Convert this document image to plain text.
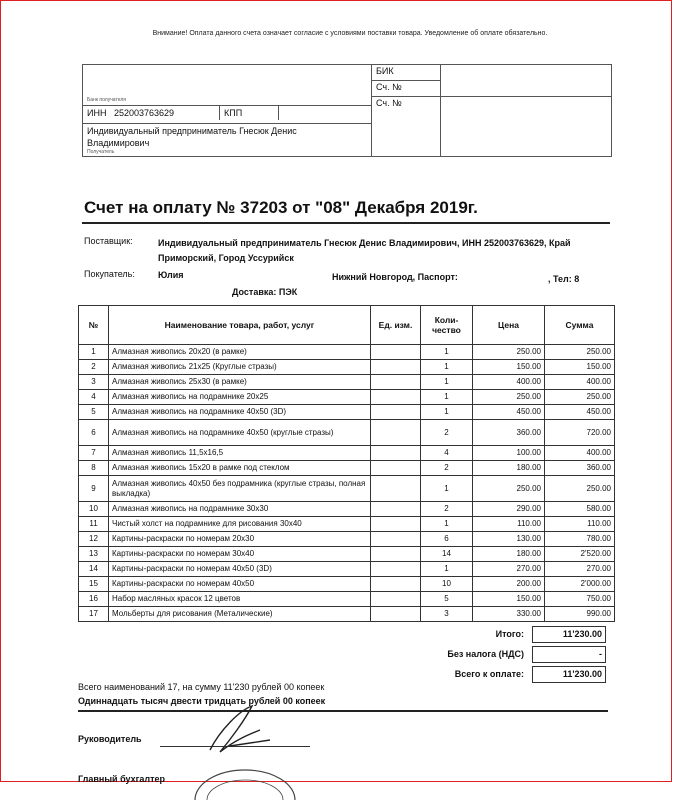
Внимание! Оплата данного счета означает согласие с условиями поставки товара. Уведомление об оплате обязательно.
	БИК	
	Сч. №	

Банк получателя	Сч. №	

ИНН 252003763629 КПП		

Индивидуальный предприниматель Гнесюк Денис Владимирович
Получатель		
Счет на оплату № 37203 от "08" Декабря 2019г.
Поставщик:	Индивидуальный предприниматель Гнесюк Денис Владимирович, ИНН 252003763629, Край Приморский, Город Уссурийск
Покупатель:	Юлия	Нижний Новгород, Паспорт:	, Тел: 8
Доставка: ПЭК
№	Наименование товара, работ, услуг	Ед. изм.	Коли-чество	Цена	Сумма
1	Алмазная живопись 20х20 (в рамке)		1	250.00	250.00
2	Алмазная живопись 21х25 (Круглые стразы)		1	150.00	150.00
3	Алмазная живопись 25х30 (в рамке)		1	400.00	400.00
4	Алмазная живопись на подрамнике 20х25		1	250.00	250.00
5	Алмазная живопись на подрамнике 40х50 (3D)		1	450.00	450.00
6	Алмазная живопись на подрамнике 40х50 (круглые стразы)		2	360.00	720.00
7	Алмазная живопись 11,5х16,5		4	100.00	400.00
8	Алмазная живопись 15х20 в рамке под стеклом		2	180.00	360.00
9	Алмазная живопись 40х50 без подрамника (круглые стразы, полная выкладка)		1	250.00	250.00
10	Алмазная живопись на подрамнике 30х30		2	290.00	580.00
11	Чистый холст на подрамнике для рисования 30х40		1	110.00	110.00
12	Картины-раскраски по номерам 20х30		6	130.00	780.00
13	Картины-раскраски по номерам 30х40		14	180.00	2'520.00
14	Картины-раскраски по номерам 40х50 (3D)		1	270.00	270.00
15	Картины-раскраски по номерам 40х50		10	200.00	2'000.00
16	Набор масляных красок 12 цветов		5	150.00	750.00
17	Мольберты для рисования (Металические)		3	330.00	990.00
Итого:	11'230.00
Без налога (НДС)	-
Всего к оплате:	11'230.00
Всего наименований 17, на сумму 11'230 рублей 00 копеек
Одиннадцать тысяч двести тридцать рублей 00 копеек
Руководитель
Главный бухгалтер
